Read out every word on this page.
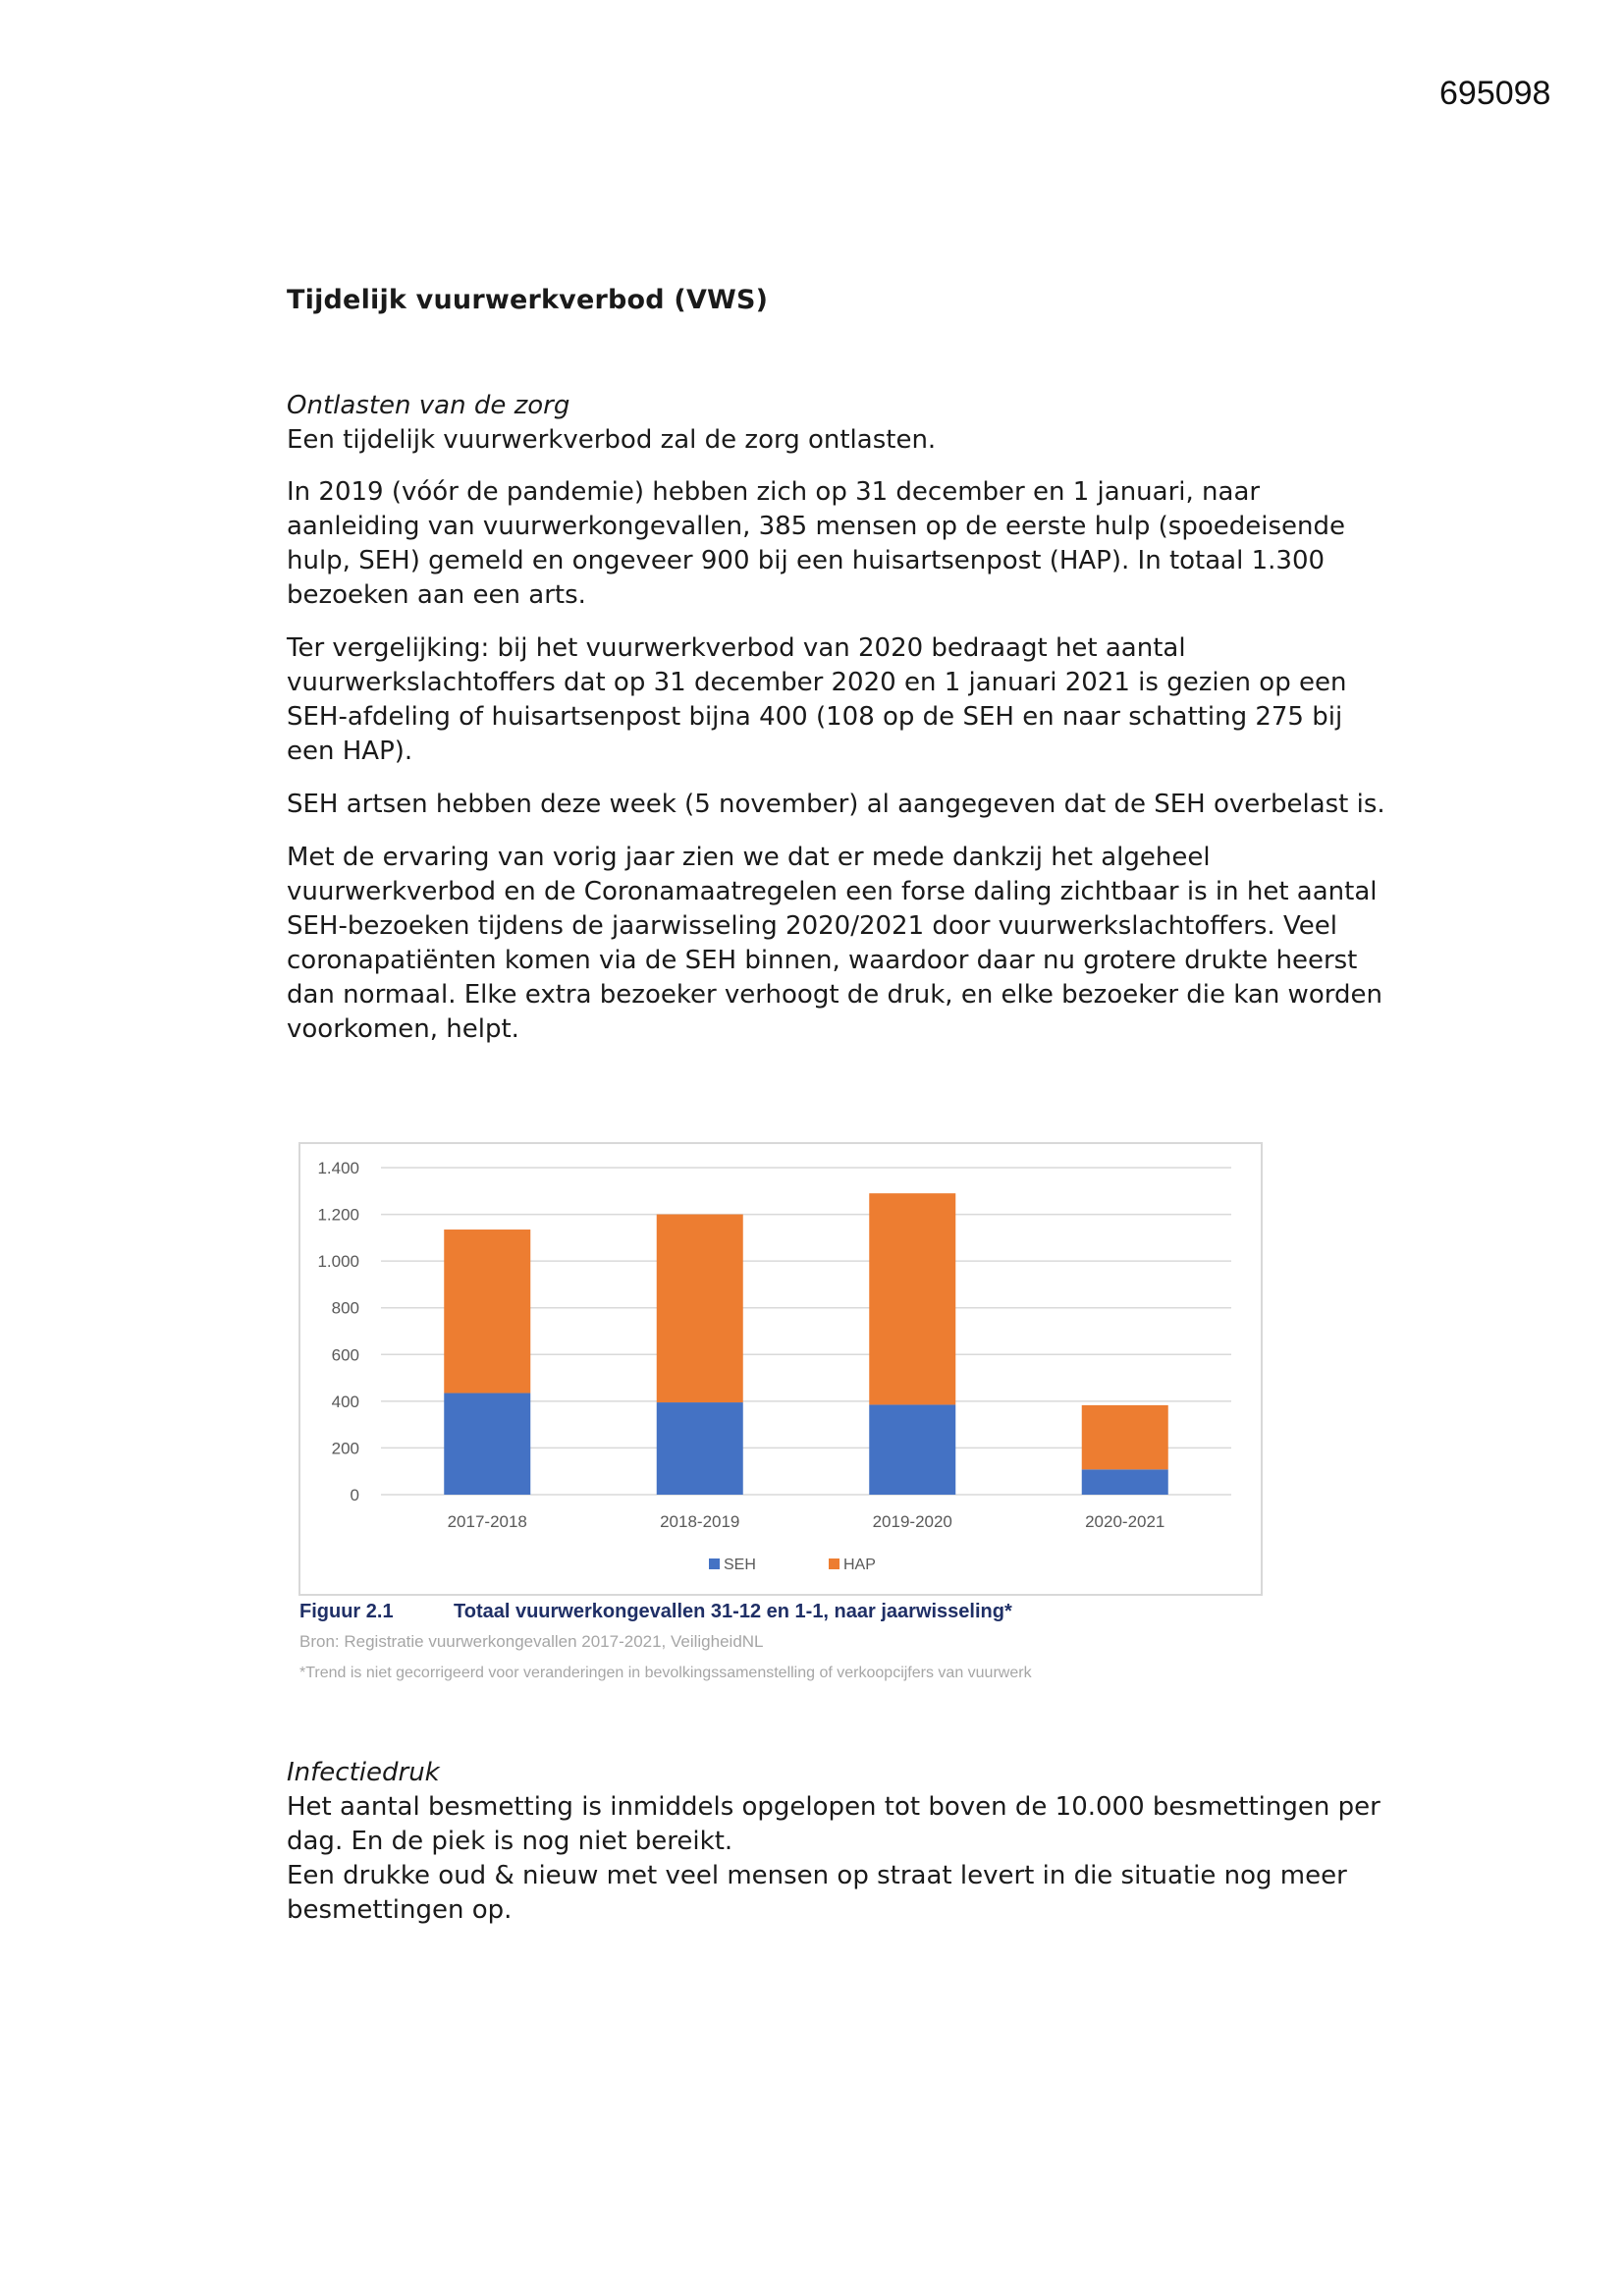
695098
Tijdelijk vuurwerkverbod (VWS)

Ontlasten van de zorg
Een tijdelijk vuurwerkverbod zal de zorg ontlasten.

In 2019 (vóór de pandemie) hebben zich op 31 december en 1 januari, naar aanleiding van vuurwerkongevallen, 385 mensen op de eerste hulp (spoedeisende hulp, SEH) gemeld en ongeveer 900 bij een huisartsenpost (HAP). In totaal 1.300 bezoeken aan een arts.

Ter vergelijking: bij het vuurwerkverbod van 2020 bedraagt het aantal vuurwerkslachtoffers dat op 31 december 2020 en 1 januari 2021 is gezien op een SEH-afdeling of huisartsenpost bijna 400 (108 op de SEH en naar schatting 275 bij een HAP).

SEH artsen hebben deze week (5 november) al aangegeven dat de SEH overbelast is.

Met de ervaring van vorig jaar zien we dat er mede dankzij het algeheel vuurwerkverbod en de Coronamaatregelen een forse daling zichtbaar is in het aantal SEH-bezoeken tijdens de jaarwisseling 2020/2021 door vuurwerkslachtoffers. Veel coronapatiënten komen via de SEH binnen, waardoor daar nu grotere drukte heerst dan normaal. Elke extra bezoeker verhoogt de druk, en elke bezoeker die kan worden voorkomen, helpt.

0
200
400
600
800
1.000
1.200
1.400
2017-2018	2018-2019	2019-2020	2020-2021
SEH	HAP
Figuur 2.1	Totaal vuurwerkongevallen 31-12 en 1-1, naar jaarwisseling*
Bron: Registratie vuurwerkongevallen 2017-2021, VeiligheidNL
*Trend is niet gecorrigeerd voor veranderingen in bevolkingssamenstelling of verkoopcijfers van vuurwerk

Infectiedruk
Het aantal besmetting is inmiddels opgelopen tot boven de 10.000 besmettingen per dag. En de piek is nog niet bereikt.
Een drukke oud & nieuw met veel mensen op straat levert in die situatie nog meer besmettingen op.
